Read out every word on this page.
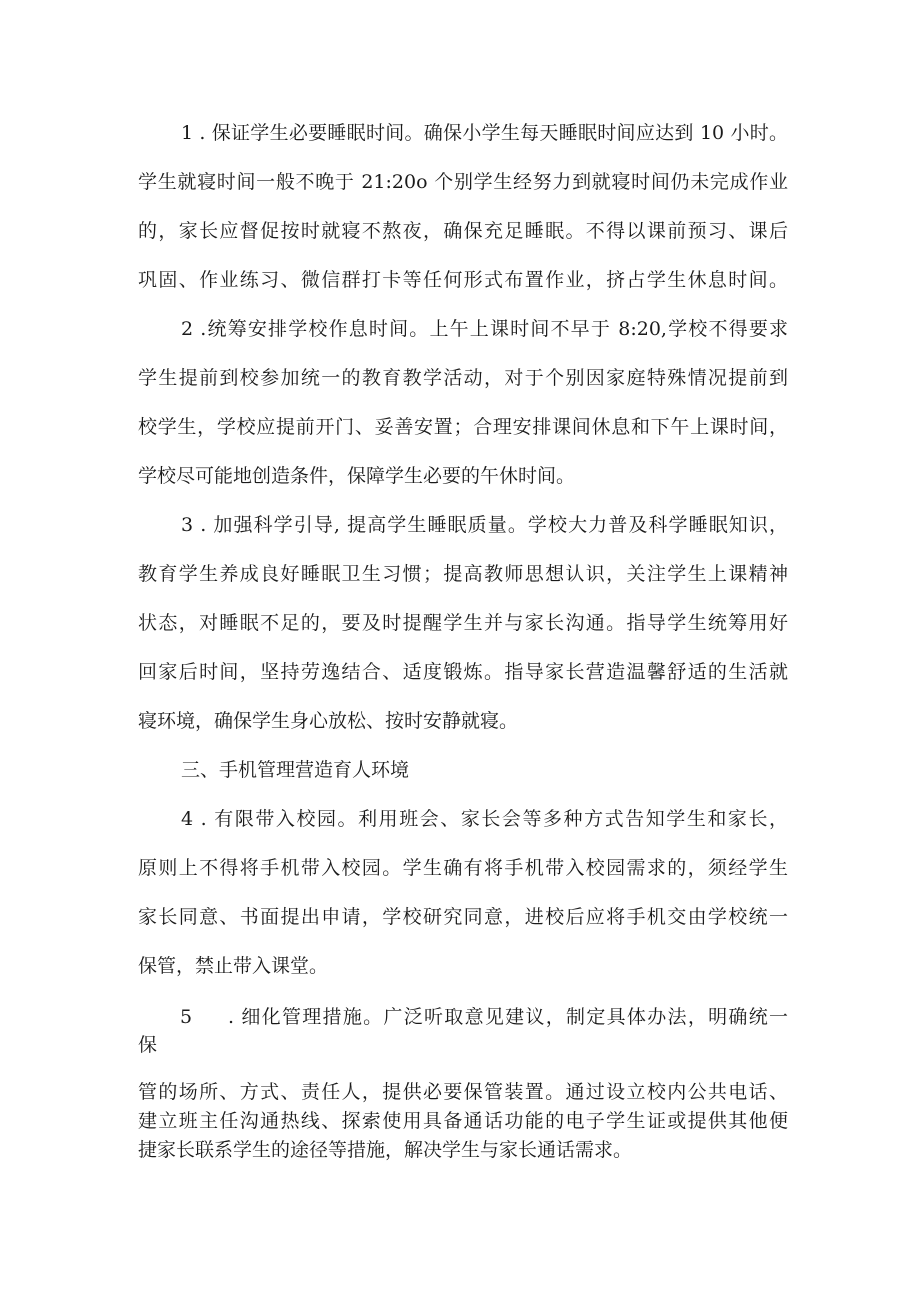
1 . 保证学生必要睡眠时间。确保小学生每天睡眠时间应达到 10 小时。
学生就寝时间一般不晚于 21:20o 个别学生经努力到就寝时间仍未完成作业
的，家长应督促按时就寝不熬夜，确保充足睡眠。不得以课前预习、课后
巩固、作业练习、微信群打卡等任何形式布置作业，挤占学生休息时间。
2 .统筹安排学校作息时间。上午上课时间不早于 8:20,学校不得要求
学生提前到校参加统一的教育教学活动，对于个别因家庭特殊情况提前到
校学生，学校应提前开门、妥善安置；合理安排课间休息和下午上课时间，
学校尽可能地创造条件，保障学生必要的午休时间。
3 . 加强科学引导, 提高学生睡眠质量。学校大力普及科学睡眠知识，
教育学生养成良好睡眠卫生习惯；提高教师思想认识，关注学生上课精神
状态，对睡眠不足的，要及时提醒学生并与家长沟通。指导学生统筹用好
回家后时间，坚持劳逸结合、适度锻炼。指导家长营造温馨舒适的生活就
寝环境，确保学生身心放松、按时安静就寝。
三、手机管理营造育人环境
4 . 有限带入校园。利用班会、家长会等多种方式告知学生和家长，
原则上不得将手机带入校园。学生确有将手机带入校园需求的，须经学生
家长同意、书面提出申请，学校研究同意，进校后应将手机交由学校统一
保管，禁止带入课堂。
5 . 细化管理措施。广泛听取意见建议，制定具体办法，明确统一
保
管的场所、方式、责任人，提供必要保管装置。通过设立校内公共电话、
建立班主任沟通热线、探索使用具备通话功能的电子学生证或提供其他便
捷家长联系学生的途径等措施，解决学生与家长通话需求。
